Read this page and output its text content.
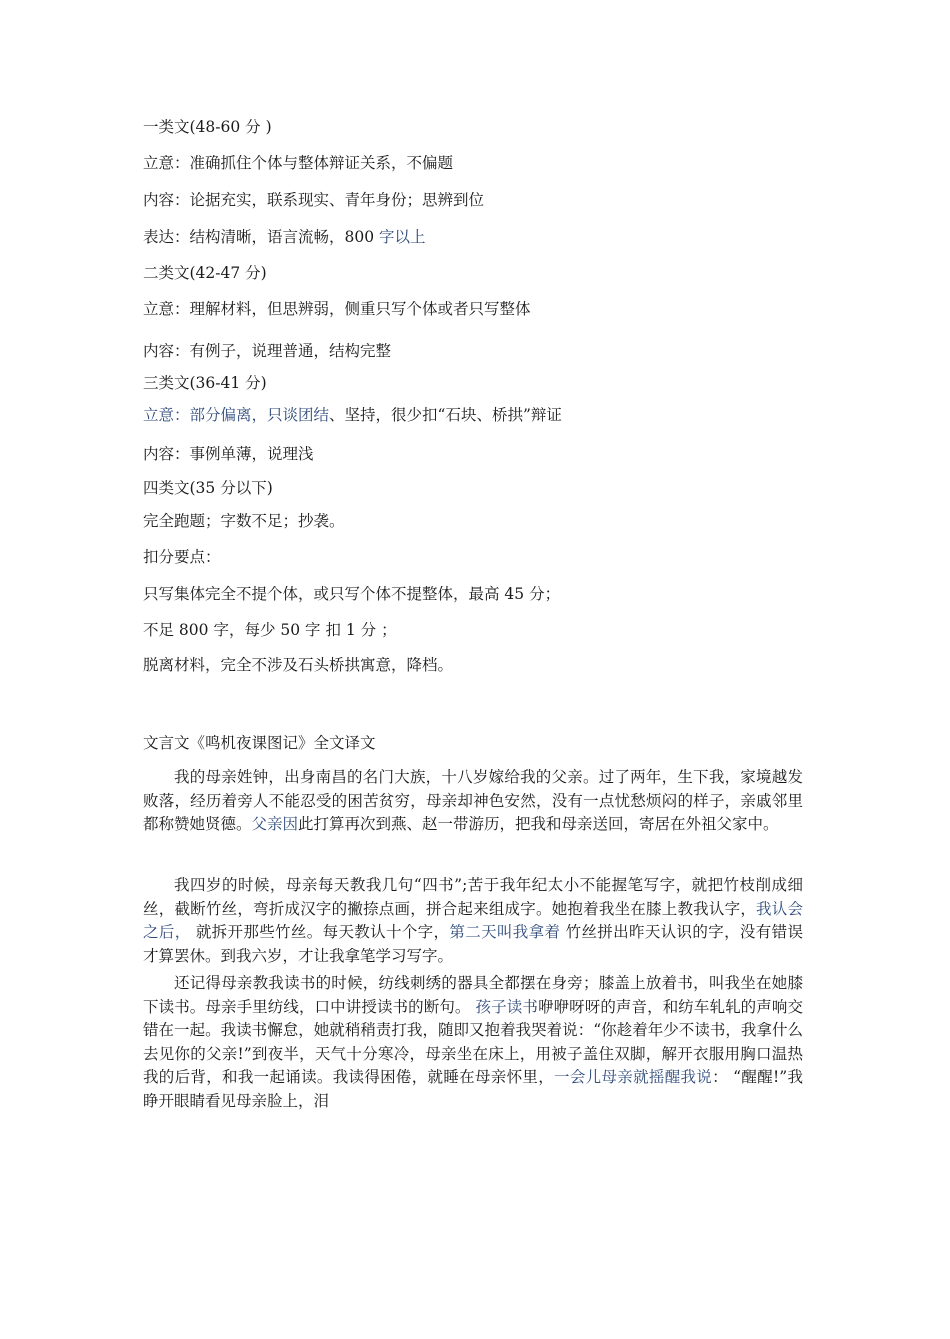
一类文(48-60 分 )
立意：准确抓住个体与整体辩证关系，不偏题
内容：论据充实，联系现实、青年身份；思辨到位
表达：结构清晰，语言流畅，800 字以上
二类文(42-47 分)
立意：理解材料，但思辨弱，侧重只写个体或者只写整体
内容：有例子，说理普通，结构完整
三类文(36-41 分)
立意：部分偏离，只谈团结、坚持，很少扣“石块、桥拱”辩证
内容：事例单薄，说理浅
四类文(35 分以下)
完全跑题；字数不足；抄袭。
扣分要点：
只写集体完全不提个体，或只写个体不提整体，最高 45 分；
不足 800 字，每少 50 字 扣 1 分 ；
脱离材料，完全不涉及石头桥拱寓意，降档。
文言文《鸣机夜课图记》全文译文
我的母亲姓钟，出身南昌的名门大族，十八岁嫁给我的父亲。过了两年，生下我，家境越发败落，经历着旁人不能忍受的困苦贫穷，母亲却神色安然，没有一点忧愁烦闷的样子，亲戚邻里都称赞她贤德。父亲因此打算再次到燕、赵一带游历，把我和母亲送回，寄居在外祖父家中。
我四岁的时候，母亲每天教我几句“四书”;苦于我年纪太小不能握笔写字，就把竹枝削成细丝，截断竹丝，弯折成汉字的撇捺点画，拼合起来组成字。她抱着我坐在膝上教我认字，我认会之后， 就拆开那些竹丝。每天教认十个字，第二天叫我拿着 竹丝拼出昨天认识的字，没有错误才算罢休。到我六岁，才让我拿笔学习写字。
还记得母亲教我读书的时候，纺线刺绣的器具全都摆在身旁；膝盖上放着书，叫我坐在她膝下读书。母亲手里纺线，口中讲授读书的断句。 孩子读书咿咿呀呀的声音，和纺车轧轧的声响交错在一起。我读书懈怠，她就稍稍责打我，随即又抱着我哭着说：“你趁着年少不读书，我拿什么去见你的父亲!”到夜半，天气十分寒冷，母亲坐在床上，用被子盖住双脚，解开衣服用胸口温热我的后背，和我一起诵读。我读得困倦，就睡在母亲怀里，一会儿母亲就摇醒我说： “醒醒!”我睁开眼睛看见母亲脸上，泪
